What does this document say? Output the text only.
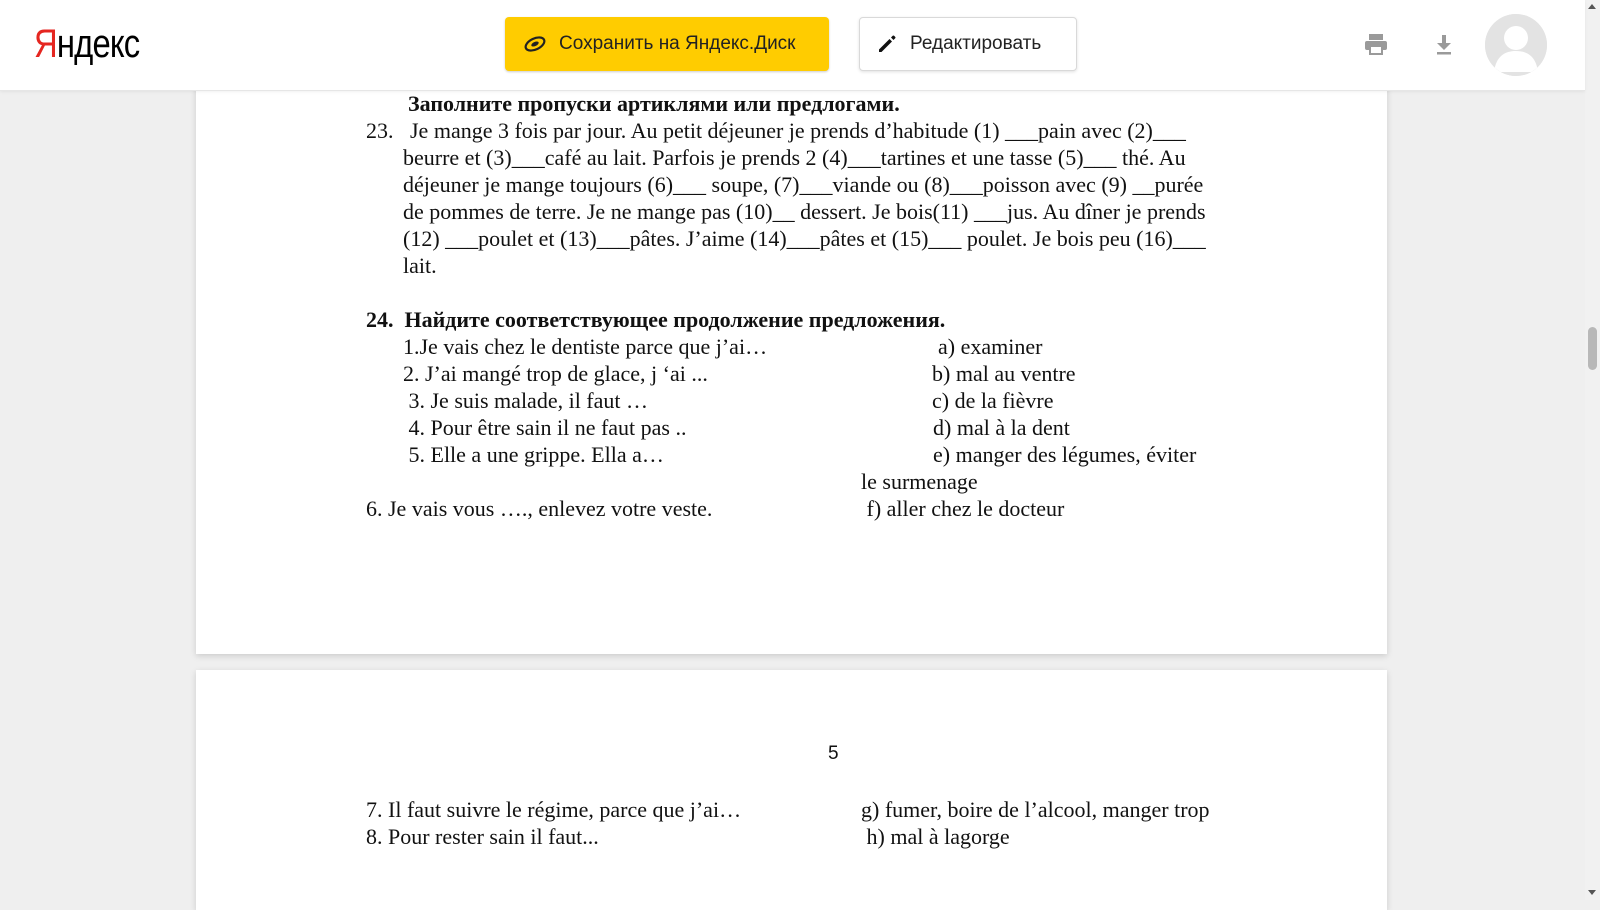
Заполните пропуски артиклями или предлогами.
23.   Je mange 3 fois par jour. Au petit déjeuner je prends d’habitude (1) ___pain avec (2)___
beurre et (3)___café au lait. Parfois je prends 2 (4)___tartines et une tasse (5)___ thé. Au
déjeuner je mange toujours (6)___ soupe, (7)___viande ou (8)___poisson avec (9) __purée
de pommes de terre. Je ne mange pas (10)__ dessert. Je bois(11) ___jus. Au dîner je prends
(12) ___poulet et (13)___pâtes. J’aime (14)___pâtes et (15)___ poulet. Je bois peu (16)___
lait.
24.  Найдите соответствующее продолжение предложения.
1.Je vais chez le dentiste parce que j’ai…
2. J’ai mangé trop de glace, j ‘ai ...
3. Je suis malade, il faut …
4. Pour être sain il ne faut pas ..
5. Elle a une grippe. Ella a…
6. Je vais vous …., enlevez votre veste.
a) examiner
b) mal au ventre
c) de la fièvre
d) mal à la dent
e) manger des légumes, éviter
le surmenage
f) aller chez le docteur
5
7. Il faut suivre le régime, parce que j’ai…
8. Pour rester sain il faut...
g) fumer, boire de l’alcool, manger trop
h) mal à lagorge
Яндекс	Сохранить на Яндекс.Диск	Редактировать
